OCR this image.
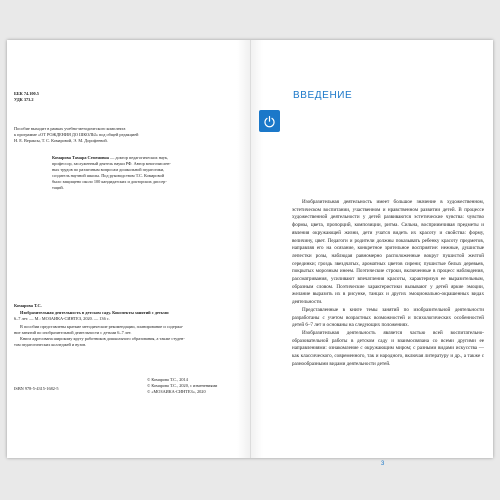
ББК 74.100.5
УДК 373.2
Пособие выходит в рамках учебно-методического комплекта
к программе «ОТ РОЖДЕНИЯ ДО ШКОЛЫ» под общей редакцией
Н. Е. Вераксы, Т. С. Комаровой, Э. М. Дорофеевой.
Комарова Тамара Семеновна — доктор педагогических наук,
профессор, заслуженный деятель науки РФ. Автор многочислен-
ных трудов по различным вопросам дошкольной педагогики,
создатель научной школы. Под руководством Т.С. Комаровой
было защищено около 100 кандидатских и докторских диссер-
таций.
Комарова Т.С.
Изобразительная деятельность в детском саду. Конспекты занятий с детьми
6–7 лет. — М.: МОЗАИКА-СИНТЕЗ, 2020. — 136 с.
В пособии представлены краткие методические рекомендации, планирование и содержа-
ние занятий по изобразительной деятельности с детьми 6–7 лет.
Книга адресована широкому кругу работников дошкольного образования, а также студен-
там педагогических колледжей и вузов.
ISBN 978-5-4315-1682-5
© Комарова Т.С., 2014
© Комарова Т.С., 2020, с изменениями
© «МОЗАИКА-СИНТЕЗ», 2020
ВВЕДЕНИЕ

Изобразительная деятельность имеет большое значение в художественном, эстетическом воспитании, учаственном и нравственном развитии детей. В процессе художественной деятельности у детей развиваются эстетические чувства: чувство формы, цвета, пропорций, композиции, ритма. Сильна, восприимчивая предметы и явления окружающей жизни, дети учатся видеть их красоту и свойства: форму, величину, цвет. Педагоги и родители должны показывать ребенку красоту предметов, направляя его на осязание, конкретное зрительное восприятие: нежные, душистые лепестки розы, наблюдая равномерно расположенные вокруг пушистой желтой серединки; гроздь звездчатых, ароматных цветов сирени; пушистые белых деревьев, покрытых морозным инеем. Поэтические строки, включенные в процесс наблюдения, рассматривания, усиливают впечатления красоты, характеризуя ее выразительным, образным словом. Поэтические характеристики вызывают у детей яркие эмоции, желание выразить их в рисунке, танцах и других эмоционально-окрашенных видах деятельности.

Представленные в книге темы занятий по изобразительной деятельности разработаны с учетом возрастных возможностей и психологических особенностей детей 6–7 лет и основаны на следующих положениях.

Изобразительная деятельность является частью всей воспитательно-образовательной работы в детском саду и взаимосвязана со всеми другими ее направлениями: ознакомление с окружающим миром; с разными видами искусства — как классического, современного, так и народного, включая литературу и др., а также с разнообразными видами деятельности детей.

3
